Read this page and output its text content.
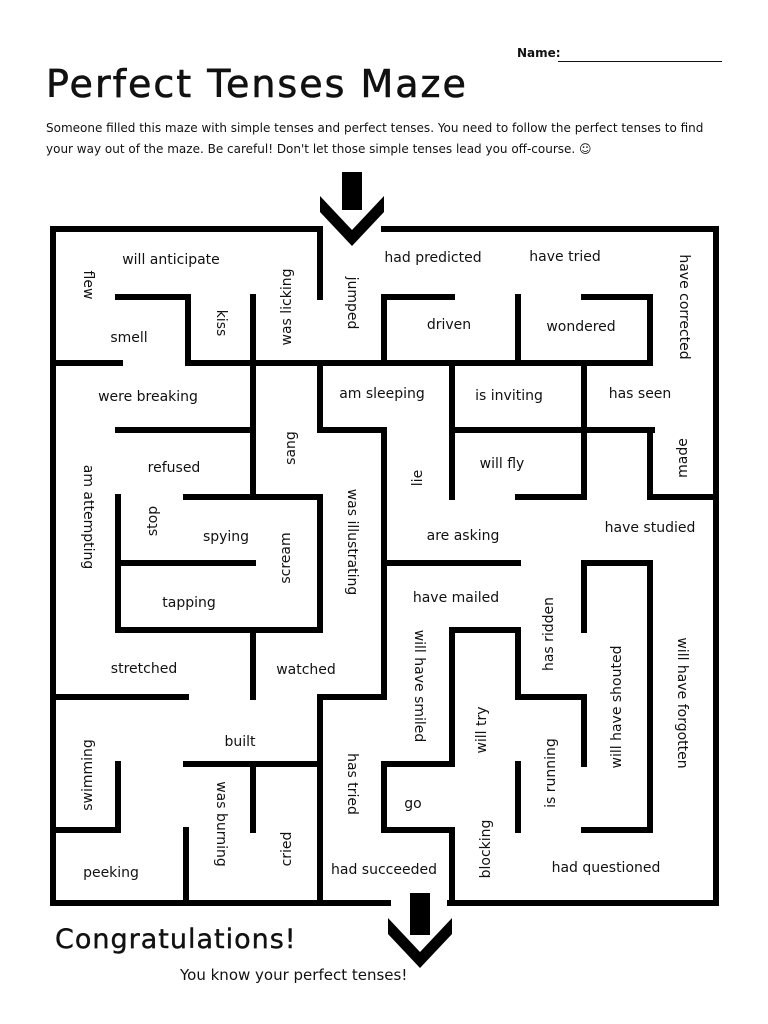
Name:
Perfect Tenses Maze
Someone filled this maze with simple tenses and perfect tenses. You need to follow the perfect tenses to find your way out of the maze. Be careful! Don't let those simple tenses lead you off-course. ☺
will anticipate
flew
smell
kiss	was licking	jumped
had predicted	have tried	have corrected
driven	wondered
were breaking	am sleeping	is inviting	has seen
refused
sang	will fly
lie
made
am attempting	stop
spying scream	was illustrating	are asking	have studied
tapping	have mailed
stretched	watched	will have smiled	has ridden
will have shouted	will have forgotten
built	will try
swimming
was burning	has tried	go	is running
cried
peeking	had succeeded	blocking	had questioned
Congratulations!
You know your perfect tenses!
